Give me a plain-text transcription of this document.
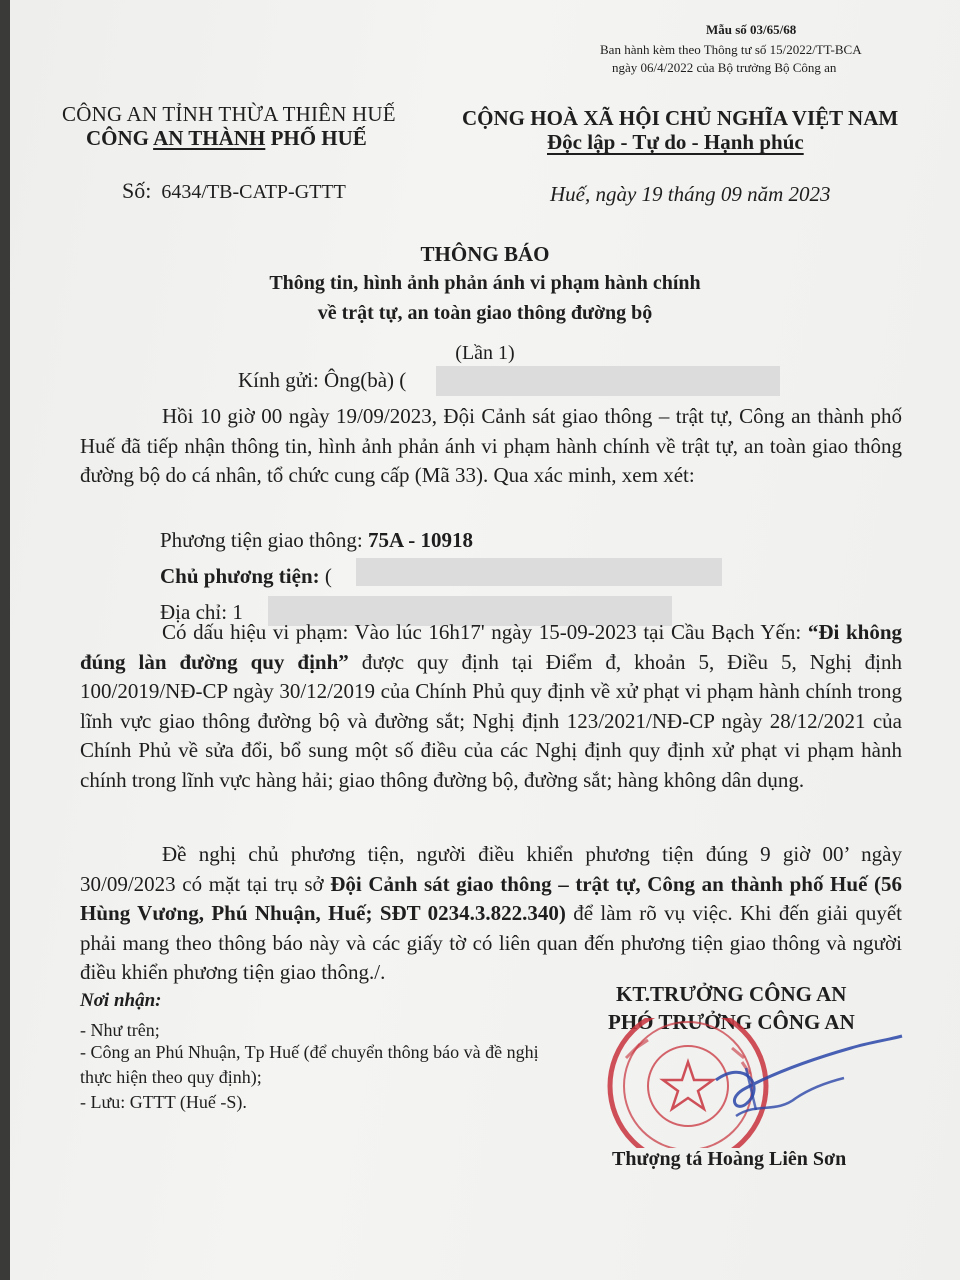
Mẫu số 03/65/68
Ban hành kèm theo Thông tư số 15/2022/TT-BCA
ngày 06/4/2022 của Bộ trưởng Bộ Công an
CÔNG AN TỈNH THỪA THIÊN HUẾ
CÔNG AN THÀNH PHỐ HUẾ
CỘNG HOÀ XÃ HỘI CHỦ NGHĨA VIỆT NAM
Độc lập - Tự do - Hạnh phúc
Số: 6434/TB-CATP-GTTT	Huế, ngày 19 tháng 09 năm 2023
THÔNG BÁO
Thông tin, hình ảnh phản ánh vi phạm hành chính
về trật tự, an toàn giao thông đường bộ
(Lần 1)
Kính gửi: Ông(bà) (
Hồi 10 giờ 00 ngày 19/09/2023, Đội Cảnh sát giao thông – trật tự, Công an thành phố Huế đã tiếp nhận thông tin, hình ảnh phản ánh vi phạm hành chính về trật tự, an toàn giao thông đường bộ do cá nhân, tổ chức cung cấp (Mã 33). Qua xác minh, xem xét:
Phương tiện giao thông: 75A - 10918
Chủ phương tiện: (
Địa chỉ: 1
Có dấu hiệu vi phạm: Vào lúc 16h17' ngày 15-09-2023 tại Cầu Bạch Yến: “Đi không đúng làn đường quy định” được quy định tại Điểm đ, khoản 5, Điều 5, Nghị định 100/2019/NĐ-CP ngày 30/12/2019 của Chính Phủ quy định về xử phạt vi phạm hành chính trong lĩnh vực giao thông đường bộ và đường sắt; Nghị định 123/2021/NĐ-CP ngày 28/12/2021 của Chính Phủ về sửa đổi, bổ sung một số điều của các Nghị định quy định xử phạt vi phạm hành chính trong lĩnh vực hàng hải; giao thông đường bộ, đường sắt; hàng không dân dụng.
Đề nghị chủ phương tiện, người điều khiển phương tiện đúng 9 giờ 00’ ngày 30/09/2023 có mặt tại trụ sở Đội Cảnh sát giao thông – trật tự, Công an thành phố Huế (56 Hùng Vương, Phú Nhuận, Huế; SĐT 0234.3.822.340) để làm rõ vụ việc. Khi đến giải quyết phải mang theo thông báo này và các giấy tờ có liên quan đến phương tiện giao thông và người điều khiển phương tiện giao thông./.
Nơi nhận:
- Như trên;
- Công an Phú Nhuận, Tp Huế (để chuyển thông báo và đề nghị thực hiện theo quy định);
- Lưu: GTTT (Huế -S).
KT.TRƯỞNG CÔNG AN
PHÓ TRƯỞNG CÔNG AN
Thượng tá Hoàng Liên Sơn
